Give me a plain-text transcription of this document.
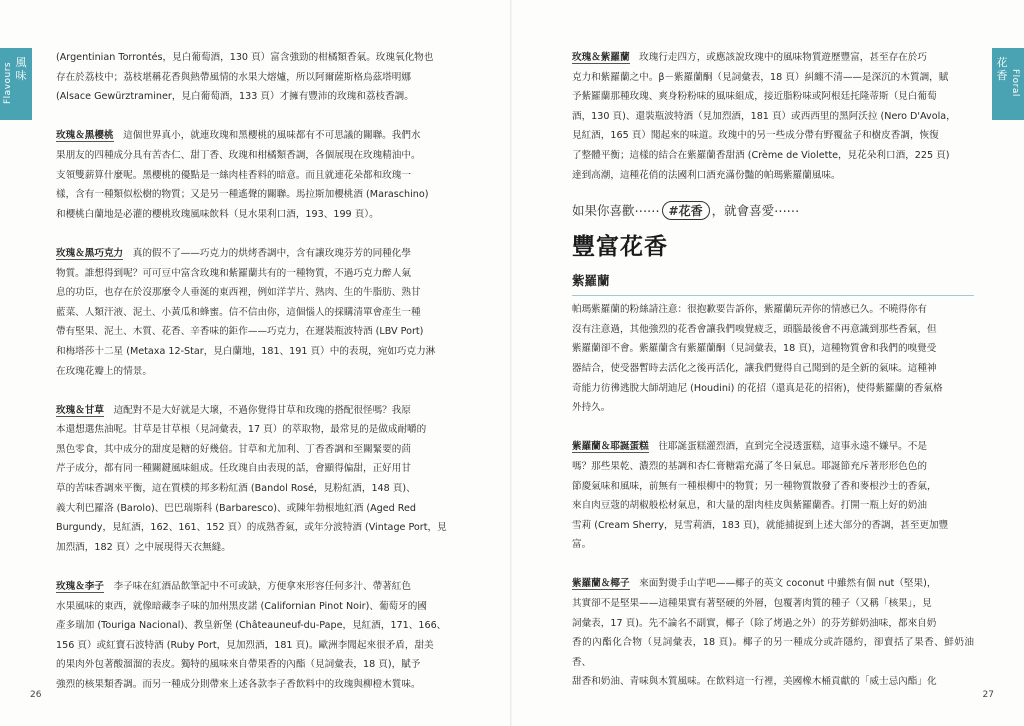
風味
Flavours

(Argentinian Torrontés，見白葡萄酒，130 頁）富含強勁的柑橘類香氣。玫瑰氧化物也

存在於荔枝中；荔枝堪稱花香與熱帶風情的水果大熔爐，所以阿爾薩斯格烏茲塔明娜

(Alsace Gewürztraminer，見白葡萄酒，133 頁）才擁有豐沛的玫瑰和荔枝香調。

玫瑰＆黑櫻桃　 這個世界真小，就連玫瑰和黑櫻桃的風味都有不可思議的關聯。我們水

果朋友的四種成分具有苦杏仁、甜丁香、玫瑰和柑橘類香調，各個展現在玫瑰精油中。

支領雙薪算什麼呢。黑櫻桃的優點是一絲肉桂香料的暗意。而且就連花朵都和玫瑰一

樣，含有一種類似松樹的物質；又是另一種遙聲的關聯。馬拉斯加櫻桃酒 (Maraschino)

和櫻桃白蘭地是必灌的櫻桃玫瑰風味飲料（見水果利口酒，193、199 頁）。

玫瑰＆黑巧克力　 真的假不了——巧克力的烘烤香調中，含有讓玫瑰芬芳的同種化學

物質。誰想得到呢？可可豆中富含玫瑰和紫羅蘭共有的一種物質，不過巧克力醉人氣

息的功臣，也存在於沒那麼令人垂涎的東西裡，例如洋芋片、熟肉、生的牛脂肪、熟甘

藍菜、人類汗液、泥土、小黃瓜和蜂蜜。信不信由你，這個惱人的採購清單會產生一種

帶有堅果、泥土、木質、花香、辛香味的鉅作——巧克力，在遲裝瓶波特酒 (LBV Port)

和梅塔莎十二星 (Metaxa 12-Star，見白蘭地，181、191 頁）中的表現，宛如巧克力淋

在玫瑰花瓣上的情景。

玫瑰＆甘草　 這配對不是大好就是大壞，不過你覺得甘草和玫瑰的搭配很怪嗎？我原

本還想選焦油呢。甘草是甘草根（見詞彙表，17 頁）的萃取物，最常見的是做成耐嚼的

黑色零食，其中成分的甜度是糖的好幾倍。甘草和尤加利、丁香香調和至關緊要的茴

芹子成分，都有同一種關鍵風味組成。任玫瑰自由表現的話，會顯得偏甜，正好用甘

草的苦味香調來平衡，這在質樸的邦多粉紅酒 (Bandol Rosé，見粉紅酒，148 頁)、

義大利巴羅洛 (Barolo)、巴巴瑞斯科 (Barbaresco)、或陳年勃根地紅酒 (Aged Red

Burgundy，見紅酒，162、161、152 頁）的成熟香氣，或年分波特酒 (Vintage Port，見

加烈酒，182 頁）之中展現得天衣無縫。

玫瑰＆李子　 李子味在紅酒品飲筆記中不可或缺，方便拿來形容任何多汁、帶著紅色

水果風味的東西，就像暗藏李子味的加州黑皮諾 (Californian Pinot Noir)、葡萄牙的國

產多瑞加 (Touriga Nacional)、教皇新堡 (Châteauneuf-du-Pape，見紅酒，171、166、

156 頁）或紅寶石波特酒 (Ruby Port，見加烈酒，181 頁)。歐洲李聞起來很矛盾，甜美

的果肉外包著酸溜溜的表皮。獨特的風味來自帶果香的內酯（見詞彙表，18 頁)，賦予

強烈的核果類香調。而另一種成分則帶來上述各款李子香飲料中的玫瑰與柳橙木質味。

26
花香 Floral

玫瑰＆紫羅蘭　 玫瑰行走四方，或應該說玫瑰中的風味物質遊歷豐富，甚至存在於巧

克力和紫羅蘭之中。β－紫羅蘭酮（見詞彙表，18 頁）糾纏不清——是深沉的木質調，賦

予紫羅蘭那種玫瑰、爽身粉粉味的風味組成，接近脂粉味或阿根廷托隆蒂斯（見白葡萄

酒，130 頁)、還裝瓶波特酒（見加烈酒，181 頁）或西西里的黑阿沃拉 (Nero D'Avola，

見紅酒，165 頁）聞起來的味道。玫瑰中的另一些成分帶有野覆盆子和樹皮香調，恢復

了整體平衡；這樣的結合在紫羅蘭香甜酒 (Crème de Violette，見花朵利口酒，225 頁)

達到高潮，這種花俏的法國利口酒充滿份豔的帕瑪紫羅蘭風味。

如果你喜歡⋯⋯ #花香 ，就會喜愛⋯⋯
豐富花香
紫羅蘭

帕瑪紫羅蘭的粉絲請注意：很抱歉要告訴你，紫羅蘭玩弄你的情感已久。不曉得你有

沒有注意過，其他強烈的花香會讓我們嗅覺疲乏，頭腦最後會不再意識到那些香氣，但

紫羅蘭卻不會。紫羅蘭含有紫羅蘭酮（見詞彙表，18 頁)，這種物質會和我們的嗅覺受

器結合，使受器暫時去活化之後再活化，讓我們覺得自己聞到的是全新的氣味。這種神

奇能力彷彿逃脫大師胡迪尼 (Houdini) 的花招（還真是花的招術)，使得紫羅蘭的香氣格

外持久。

紫羅蘭＆耶誕蛋糕　 往耶誕蛋糕灌烈酒，直到完全浸透蛋糕，這事永遠不嫌早。不是

嗎？那些果乾、濃烈的基調和杏仁膏糖霜充滿了冬日氣息。耶誕節充斥著形形色色的

節慶氣味和風味，前無有一種根柳中的物質；另一種物質散發了香和麥根沙士的香氣，

來自肉豆蔻的胡椒般松材氣息，和大量的甜肉桂皮與紫羅蘭香。打開一瓶上好的奶油

雪莉 (Cream Sherry，見雪莉酒，183 頁)，就能捕捉到上述大部分的香調，甚至更加豐

富。

紫羅蘭＆椰子　 來面對燙手山芋吧——椰子的英文 coconut 中雖然有個 nut（堅果)，

其實卻不是堅果——這種果實有著堅硬的外層，包覆著肉質的種子（又稱「核果」，見

詞彙表，17 頁)。先不論名不副實，椰子（除了烤過之外）的芬芳鮮奶油味，都來自奶

香的內酯化合物（見詞彙表，18 頁)。椰子的另一種成分或許隱約，卻賣括了果香、鮮奶油香、

甜香和奶油、青味與木質風味。在飲料這一行裡，美國橡木桶貢獻的「威士忌內酯」化

27
